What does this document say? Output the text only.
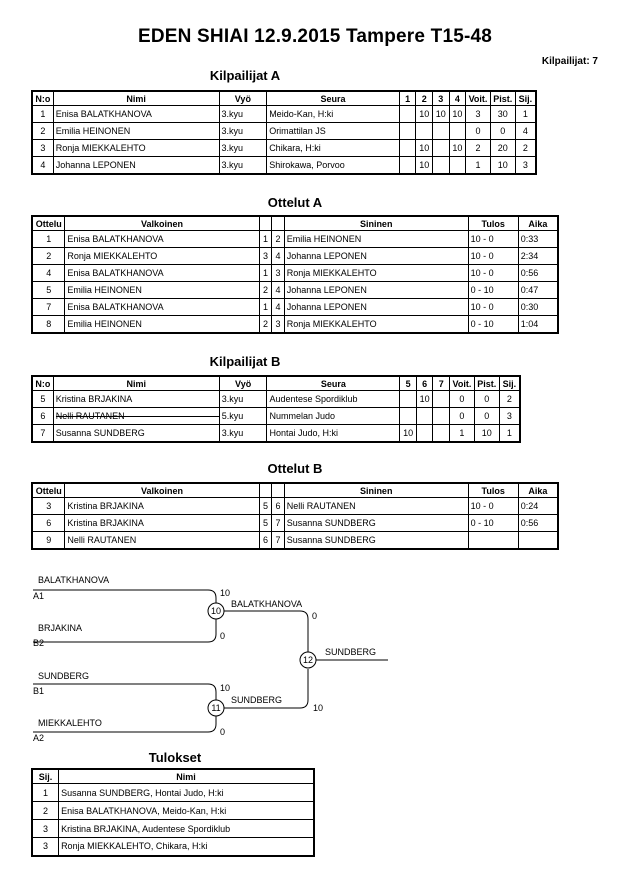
EDEN SHIAI 12.9.2015 Tampere T15-48
Kilpailijat: 7
Kilpailijat A
N:o	Nimi	Vyö	Seura	1	2	3	4	Voit.	Pist.	Sij.
1	Enisa BALATKHANOVA	3.kyu	Meido-Kan, H:ki		10	10	10	3	30	1
2	Emilia HEINONEN	3.kyu	Orimattilan JS					0	0	4
3	Ronja MIEKKALEHTO	3.kyu	Chikara, H:ki		10		10	2	20	2
4	Johanna LEPONEN	3.kyu	Shirokawa, Porvoo		10			1	10	3
Ottelut A
Ottelu	Valkoinen			Sininen	Tulos	Aika
1	Enisa BALATKHANOVA	1	2	Emilia HEINONEN	10 - 0	0:33
2	Ronja MIEKKALEHTO	3	4	Johanna LEPONEN	10 - 0	2:34
4	Enisa BALATKHANOVA	1	3	Ronja MIEKKALEHTO	10 - 0	0:56
5	Emilia HEINONEN	2	4	Johanna LEPONEN	0 - 10	0:47
7	Enisa BALATKHANOVA	1	4	Johanna LEPONEN	10 - 0	0:30
8	Emilia HEINONEN	2	3	Ronja MIEKKALEHTO	0 - 10	1:04
Kilpailijat B
N:o	Nimi	Vyö	Seura	5	6	7	Voit.	Pist.	Sij.
5	Kristina BRJAKINA	3.kyu	Audentese Spordiklub		10		0	0	2
6	Nelli RAUTANEN	5.kyu	Nummelan Judo				0	0	3
7	Susanna SUNDBERG	3.kyu	Hontai Judo, H:ki	10			1	10	1
Ottelut B
Ottelu	Valkoinen			Sininen	Tulos	Aika
3	Kristina BRJAKINA	5	6	Nelli RAUTANEN	10 - 0	0:24
6	Kristina BRJAKINA	5	7	Susanna SUNDBERG	0 - 10	0:56
9	Nelli RAUTANEN	6	7	Susanna SUNDBERG		
BALATKHANOVA
A1
BRJAKINA
B2
SUNDBERG
B1
MIEKKALEHTO
A2
10
0
10
0
10
11
12
BALATKHANOVA
0
SUNDBERG
10
SUNDBERG
Tulokset
Sij.	Nimi
1	Susanna SUNDBERG, Hontai Judo, H:ki
2	Enisa BALATKHANOVA, Meido-Kan, H:ki
3	Kristina BRJAKINA, Audentese Spordiklub
3	Ronja MIEKKALEHTO, Chikara, H:ki
